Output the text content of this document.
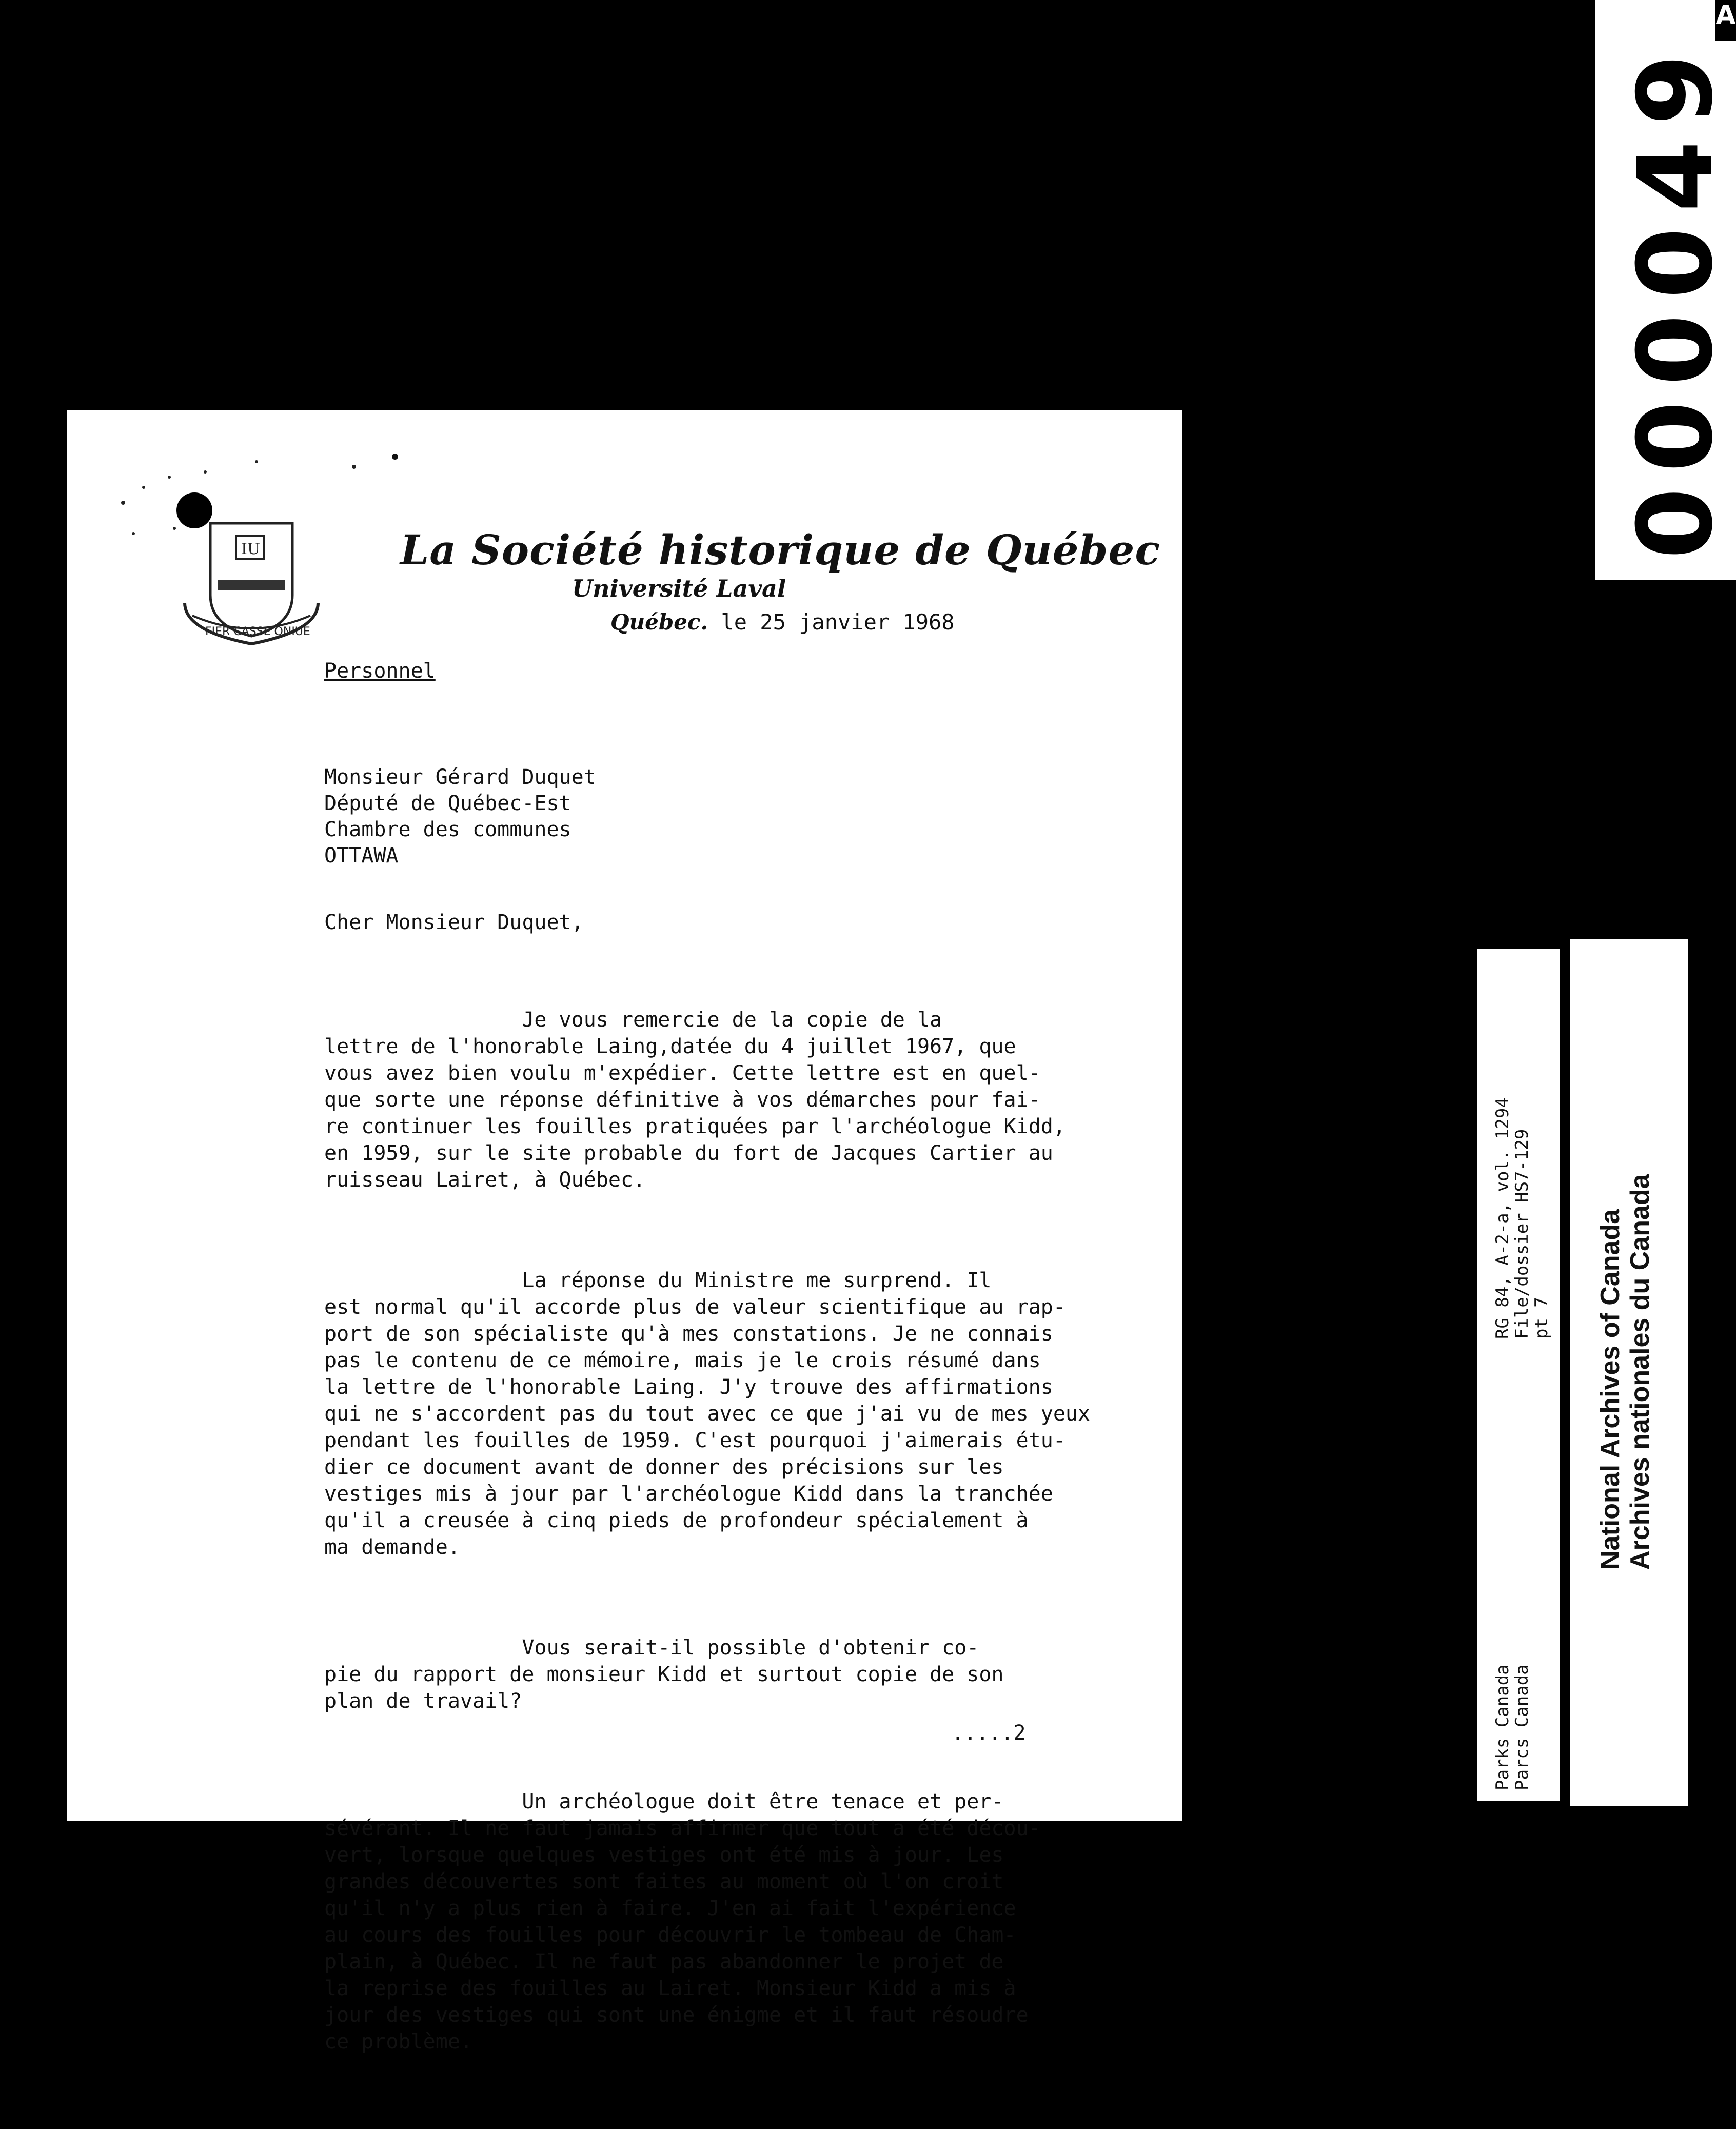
IU
FIER CASSE ONIUE
La Société historique de Québec
Université Laval
Québec. le 25 janvier 1968
Personnel
Monsieur Gérard Duquet
Député de Québec-Est
Chambre des communes
OTTAWA
Cher Monsieur Duquet,

Je vous remercie de la copie de la
lettre de l'honorable Laing,datée du 4 juillet 1967, que
vous avez bien voulu m'expédier. Cette lettre est en quel-
que sorte une réponse définitive à vos démarches pour fai-
re continuer les fouilles pratiquées par l'archéologue Kidd,
en 1959, sur le site probable du fort de Jacques Cartier au
ruisseau Lairet, à Québec.

La réponse du Ministre me surprend. Il
est normal qu'il accorde plus de valeur scientifique au rap-
port de son spécialiste qu'à mes constations. Je ne connais
pas le contenu de ce mémoire, mais je le crois résumé dans
la lettre de l'honorable Laing. J'y trouve des affirmations
qui ne s'accordent pas du tout avec ce que j'ai vu de mes yeux
pendant les fouilles de 1959. C'est pourquoi j'aimerais étu-
dier ce document avant de donner des précisions sur les
vestiges mis à jour par l'archéologue Kidd dans la tranchée
qu'il a creusée à cinq pieds de profondeur spécialement à
ma demande.

Vous serait-il possible d'obtenir co-
pie du rapport de monsieur Kidd et surtout copie de son
plan de travail?

Un archéologue doit être tenace et per-
sévérant. Il ne faut jamais affirmer que tout a été décou-
vert, lorsque quelques vestiges ont été mis à jour. Les
grandes découvertes sont faites au moment où l'on croit
qu'il n'y a plus rien à faire. J'en ai fait l'expérience
au cours des fouilles pour découvrir le tombeau de Cham-
plain, à Québec. Il ne faut pas abandonner le projet de
la reprise des fouilles au Lairet. Monsieur Kidd a mis à
jour des vestiges qui sont une énigme et il faut résoudre
ce problème.

.....2
A
000049
Parks Canada
Parcs Canada
RG 84, A-2-a, vol. 1294
File/dossier HS7-129
pt 7 National Archives of Canada Archives nationales du Canada
